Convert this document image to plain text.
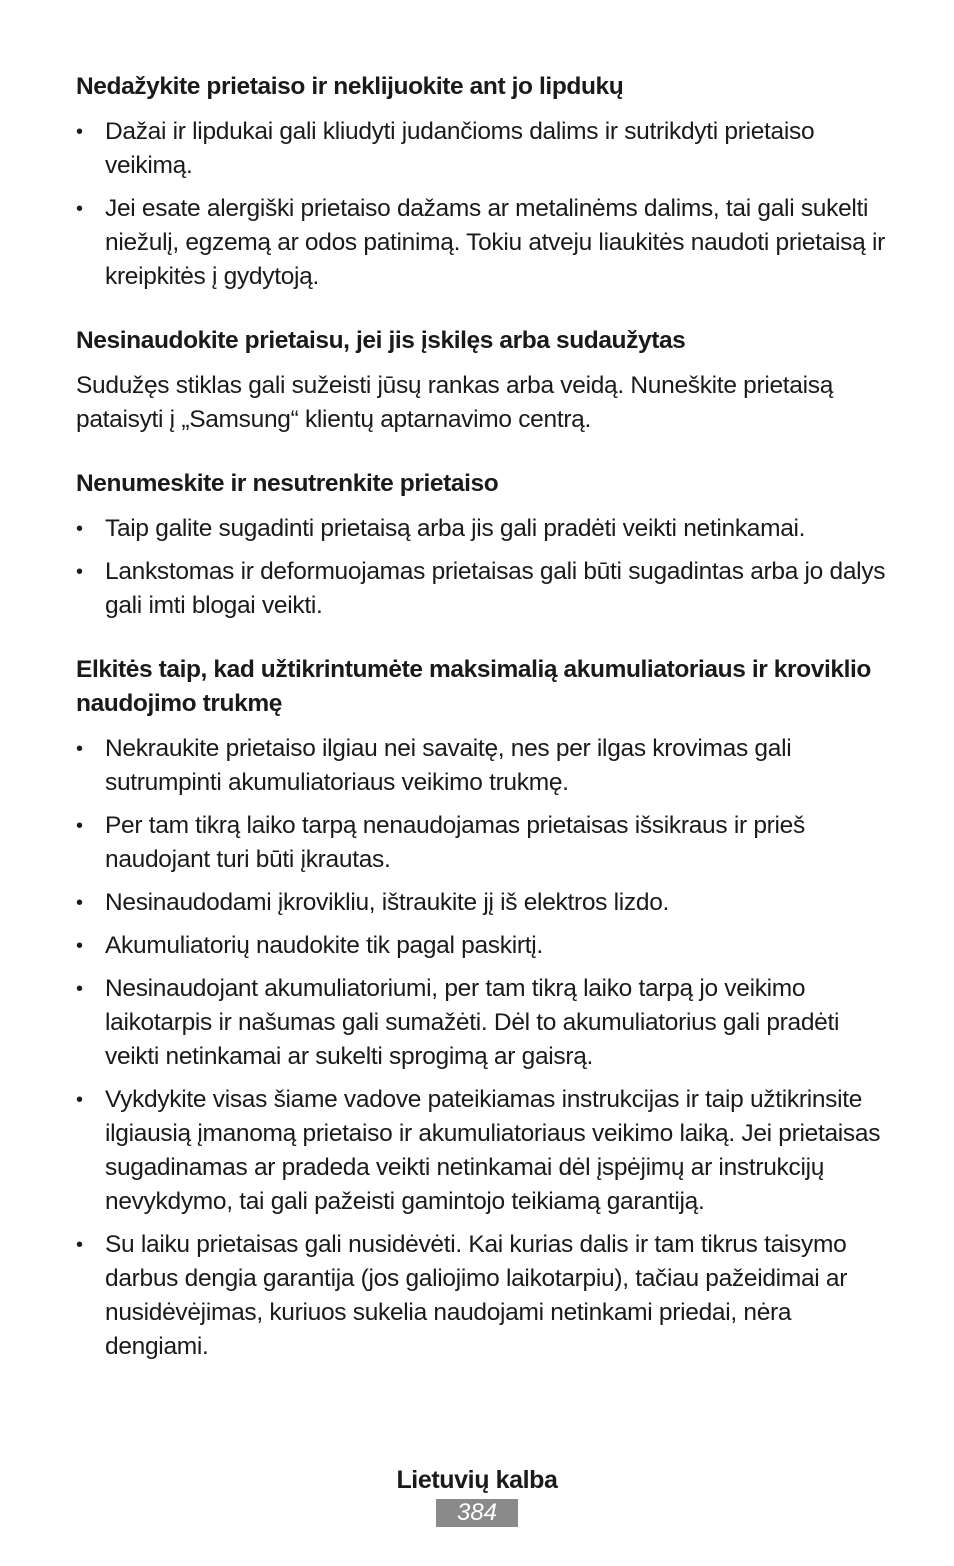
Nedažykite prietaiso ir neklijuokite ant jo lipdukų
• Dažai ir lipdukai gali kliudyti judančioms dalims ir sutrikdyti prietaiso veikimą.
• Jei esate alergiški prietaiso dažams ar metalinėms dalims, tai gali sukelti niežulį, egzemą ar odos patinimą. Tokiu atveju liaukitės naudoti prietaisą ir kreipkitės į gydytoją.
Nesinaudokite prietaisu, jei jis įskilęs arba sudaužytas

Sudužęs stiklas gali sužeisti jūsų rankas arba veidą. Nuneškite prietaisą pataisyti į „Samsung“ klientų aptarnavimo centrą.

Nenumeskite ir nesutrenkite prietaiso
• Taip galite sugadinti prietaisą arba jis gali pradėti veikti netinkamai.
• Lankstomas ir deformuojamas prietaisas gali būti sugadintas arba jo dalys gali imti blogai veikti.
Elkitės taip, kad užtikrintumėte maksimalią akumuliatoriaus ir kroviklio naudojimo trukmę
• Nekraukite prietaiso ilgiau nei savaitę, nes per ilgas krovimas gali sutrumpinti akumuliatoriaus veikimo trukmę.
• Per tam tikrą laiko tarpą nenaudojamas prietaisas išsikraus ir prieš naudojant turi būti įkrautas.
• Nesinaudodami įkrovikliu, ištraukite jį iš elektros lizdo.
• Akumuliatorių naudokite tik pagal paskirtį.
• Nesinaudojant akumuliatoriumi, per tam tikrą laiko tarpą jo veikimo laikotarpis ir našumas gali sumažėti. Dėl to akumuliatorius gali pradėti veikti netinkamai ar sukelti sprogimą ar gaisrą.
• Vykdykite visas šiame vadove pateikiamas instrukcijas ir taip užtikrinsite ilgiausią įmanomą prietaiso ir akumuliatoriaus veikimo laiką. Jei prietaisas sugadinamas ar pradeda veikti netinkamai dėl įspėjimų ar instrukcijų nevykdymo, tai gali pažeisti gamintojo teikiamą garantiją.
• Su laiku prietaisas gali nusidėvėti. Kai kurias dalis ir tam tikrus taisymo darbus dengia garantija (jos galiojimo laikotarpiu), tačiau pažeidimai ar nusidėvėjimas, kuriuos sukelia naudojami netinkami priedai, nėra dengiami.
Lietuvių kalba
384
